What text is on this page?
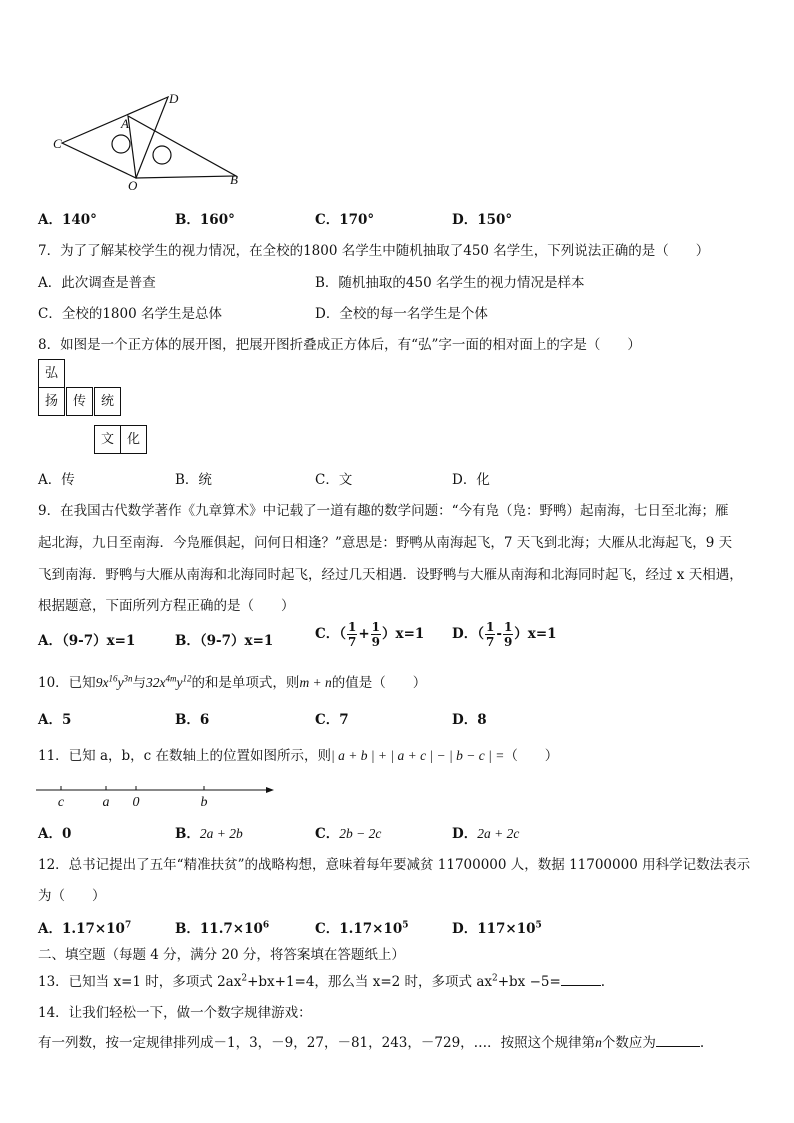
C
A
D
O	B
A．140°	B．160°	C．170°	D．150°
7．为了了解某校学生的视力情况，在全校的1800 名学生中随机抽取了450 名学生，下列说法正确的是（　　）
A．此次调查是普查	B．随机抽取的450 名学生的视力情况是样本
C．全校的1800 名学生是总体	D．全校的每一名学生是个体
8．如图是一个正方体的展开图，把展开图折叠成正方体后，有“弘”字一面的相对面上的字是（　　）
弘
扬	传	统
文 化
A．传	B．统	C．文	D．化
9．在我国古代数学著作《九章算术》中记载了一道有趣的数学问题：“今有凫（凫：野鸭）起南海，七日至北海；雁
起北海，九日至南海．今凫雁俱起，问何日相逢？”意思是：野鸭从南海起飞，7 天飞到北海；大雁从北海起飞，9 天
飞到南海．野鸭与大雁从南海和北海同时起飞，经过几天相遇．设野鸭与大雁从南海和北海同时起飞，经过 x 天相遇，
根据题意，下面所列方程正确的是（　　）
A．（9-7）x=1	B．（9-7）x=1	C．（ $\frac{1}{7} + \frac{1}{9} )x=1$ D．（ $\frac{1}{7} - \frac{1}{9} )x=1$
10．已知$9x^{16}y^{3n}$与$32x^{4m}y^{12}$的和是单项式，则m + n的值是（　　）
A．5	B．6	C．7	D．8
11．已知 a，b，c 在数轴上的位置如图所示，则| a + b | + | a + c | − | b − c | =（　　）
c	a 0	b
A．0	B．2a + 2b	C．2b − 2c	D．2a + 2c
12．总书记提出了五年“精准扶贫”的战略构想，意味着每年要减贫 11700000 人，数据 11700000 用科学记数法表示
为（　　）
A．$1.17\times 10^7$	B．$11.7\times 10^6$	C．$1.17\times 10^5$	D．$117\times 10^5$
二、填空题（每题 4 分，满分 20 分，将答案填在答题纸上）
13．已知当 x=1 时，多项式 $2ax^2+bx+1=4$，那么当 x=2 时，多项式 $ax^2+bx -5=$	.
14．让我们轻松一下，做一个数字规律游戏：
有一列数，按一定规律排列成－1，3，－9，27，－81，243，－729，…．按照这个规律第n个数应为	.
